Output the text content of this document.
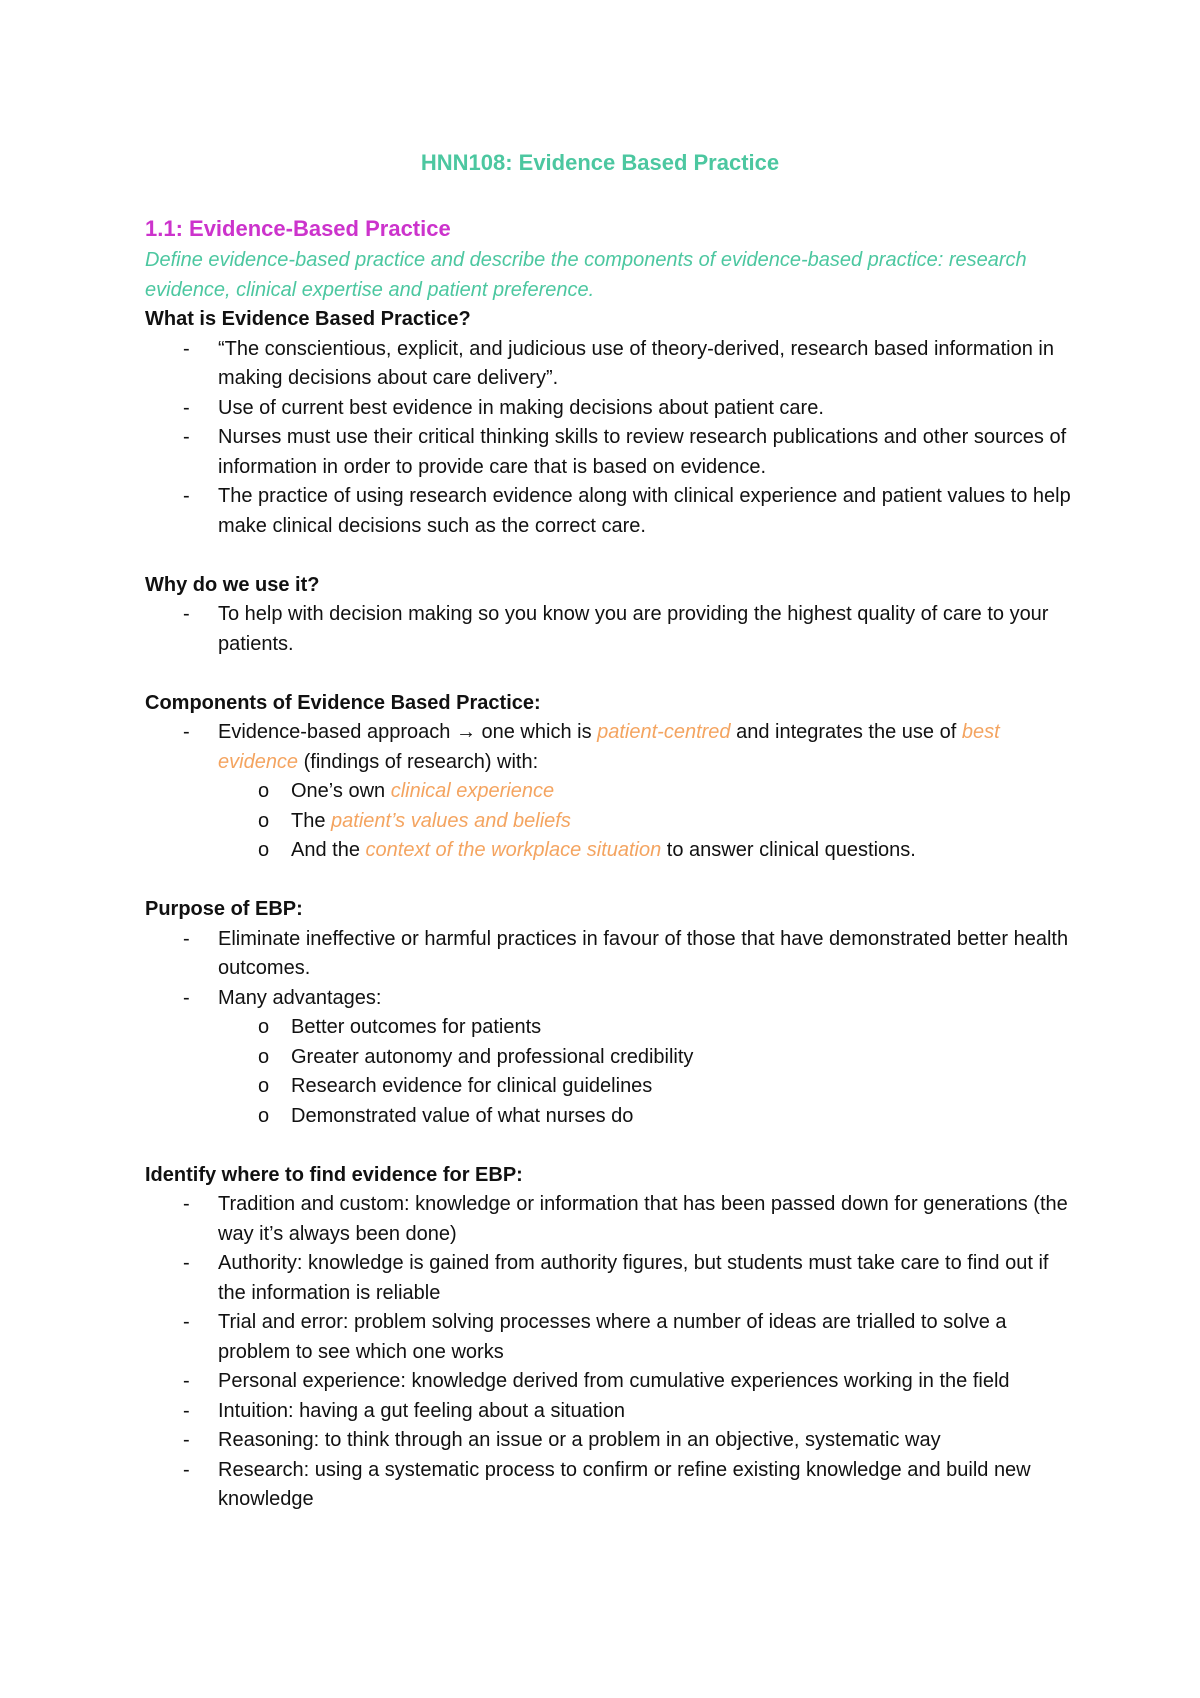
HNN108: Evidence Based Practice

1.1: Evidence-Based Practice

Define evidence-based practice and describe the components of evidence-based practice: research evidence, clinical expertise and patient preference.

What is Evidence Based Practice?

- “The conscientious, explicit, and judicious use of theory-derived, research based information in making decisions about care delivery”.
- Use of current best evidence in making decisions about patient care.
- Nurses must use their critical thinking skills to review research publications and other sources of information in order to provide care that is based on evidence.
- The practice of using research evidence along with clinical experience and patient values to help make clinical decisions such as the correct care.

Why do we use it?

- To help with decision making so you know you are providing the highest quality of care to your patients.

Components of Evidence Based Practice:

- Evidence-based approach → one which is patient-centred and integrates the use of best evidence (findings of research) with:
o One’s own clinical experience
o The patient’s values and beliefs
o And the context of the workplace situation to answer clinical questions.

Purpose of EBP:

- Eliminate ineffective or harmful practices in favour of those that have demonstrated better health outcomes.
- Many advantages:
o Better outcomes for patients
o Greater autonomy and professional credibility
o Research evidence for clinical guidelines
o Demonstrated value of what nurses do

Identify where to find evidence for EBP:

- Tradition and custom: knowledge or information that has been passed down for generations (the way it’s always been done)
- Authority: knowledge is gained from authority figures, but students must take care to find out if the information is reliable
- Trial and error: problem solving processes where a number of ideas are trialled to solve a problem to see which one works
- Personal experience: knowledge derived from cumulative experiences working in the field
- Intuition: having a gut feeling about a situation
- Reasoning: to think through an issue or a problem in an objective, systematic way
- Research: using a systematic process to confirm or refine existing knowledge and build new knowledge
